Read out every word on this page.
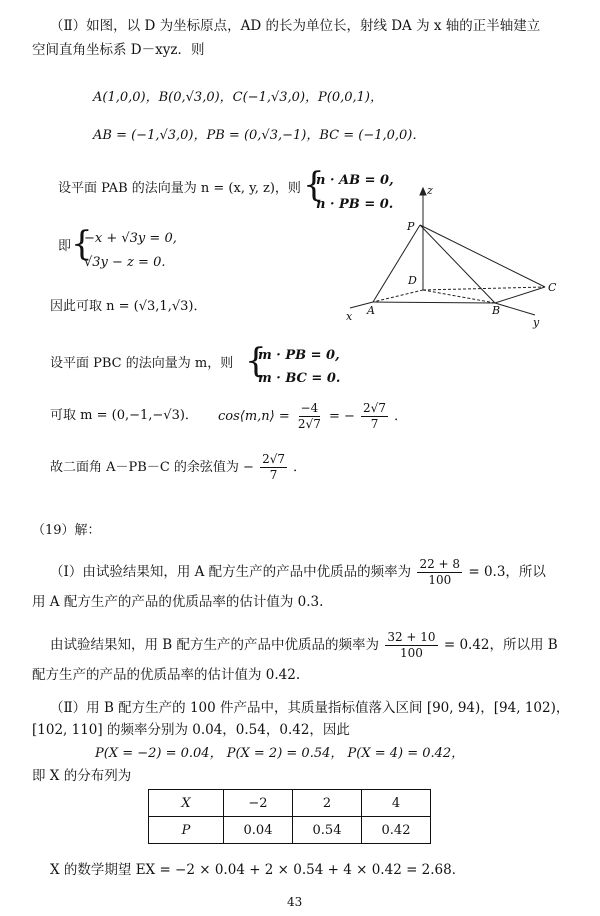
（Ⅱ）如图，以 D 为坐标原点，AD 的长为单位长，射线 DA 为 x 轴的正半轴建立
空间直角坐标系 D－xyz．则
A(1,0,0)，B(0,√3,0)，C(−1,√3,0)，P(0,0,1)，
AB = (−1,√3,0)，PB = (0,√3,−1)，BC = (−1,0,0)．
设平面 PAB 的法向量为 n = (x, y, z)，则 {
n · AB = 0,
n · PB = 0.
即 {
−x + √3y = 0,
√3y − z = 0.
因此可取 n = (√3,1,√3)．
设平面 PBC 的法向量为 m，则 {
m · PB = 0,
m · BC = 0.
可取 m = (0,−1,−√3)． cos⟨m,n⟩ = $\frac{-4}{2√7}$ = − $\frac{2√7}{7}$ ．
故二面角 A－PB－C 的余弦值为 − $\frac{2√7}{7}$ ．
z
P
D
C
A	B
x	y
（19）解：
（Ⅰ）由试验结果知，用 A 配方生产的产品中优质品的频率为 $\frac{22 + 8}{100} = 0.3$，所以
用 A 配方生产的产品的优质品率的估计值为 0.3.
由试验结果知，用 B 配方生产的产品中优质品的频率为 $\frac{32 + 10}{100} = 0.42$，所以用 B
配方生产的产品的优质品率的估计值为 0.42.
（Ⅱ）用 B 配方生产的 100 件产品中，其质量指标值落入区间 [90, 94)，[94, 102)，
[102, 110] 的频率分别为 0.04，0.54，0.42，因此
P(X = −2) = 0.04， P(X = 2) = 0.54， P(X = 4) = 0.42，
即 X 的分布列为
X	−2	2	4
P	0.04	0.54	0.42
X 的数学期望 EX = −2 × 0.04 + 2 × 0.54 + 4 × 0.42 = 2.68．
43
